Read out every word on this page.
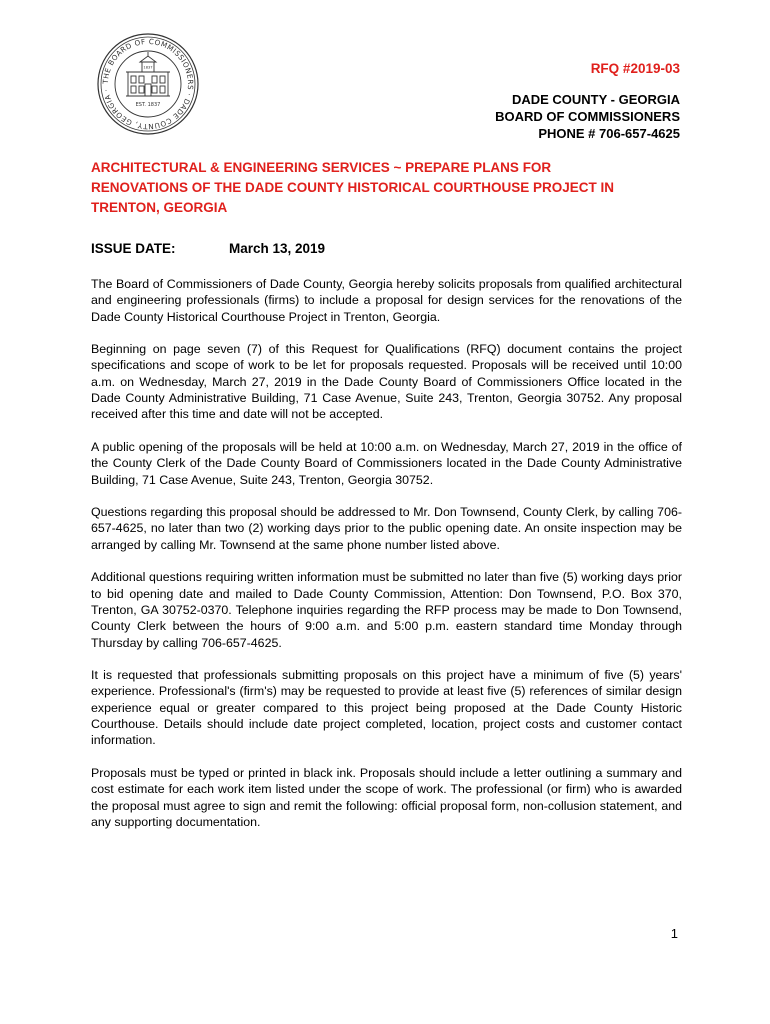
THE BOARD OF COMMISSIONERS · DADE COUNTY, GEORGIA ·
1837
EST. 1837
RFQ #2019-03
DADE COUNTY - GEORGIA
BOARD OF COMMISSIONERS
PHONE # 706-657-4625
ARCHITECTURAL & ENGINEERING SERVICES ~ PREPARE PLANS FOR
RENOVATIONS OF THE DADE COUNTY HISTORICAL COURTHOUSE PROJECT IN
TRENTON, GEORGIA
ISSUE DATE:	March 13, 2019

The Board of Commissioners of Dade County, Georgia hereby solicits proposals from qualified architectural and engineering professionals (firms) to include a proposal for design services for the renovations of the Dade County Historical Courthouse Project in Trenton, Georgia.

Beginning on page seven (7) of this Request for Qualifications (RFQ) document contains the project specifications and scope of work to be let for proposals requested. Proposals will be received until 10:00 a.m. on Wednesday, March 27, 2019 in the Dade County Board of Commissioners Office located in the Dade County Administrative Building, 71 Case Avenue, Suite 243, Trenton, Georgia 30752. Any proposal received after this time and date will not be accepted.

A public opening of the proposals will be held at 10:00 a.m. on Wednesday, March 27, 2019 in the office of the County Clerk of the Dade County Board of Commissioners located in the Dade County Administrative Building, 71 Case Avenue, Suite 243, Trenton, Georgia 30752.

Questions regarding this proposal should be addressed to Mr. Don Townsend, County Clerk, by calling 706-657-4625, no later than two (2) working days prior to the public opening date. An onsite inspection may be arranged by calling Mr. Townsend at the same phone number listed above.

Additional questions requiring written information must be submitted no later than five (5) working days prior to bid opening date and mailed to Dade County Commission, Attention: Don Townsend, P.O. Box 370, Trenton, GA 30752-0370. Telephone inquiries regarding the RFP process may be made to Don Townsend, County Clerk between the hours of 9:00 a.m. and 5:00 p.m. eastern standard time Monday through Thursday by calling 706-657-4625.

It is requested that professionals submitting proposals on this project have a minimum of five (5) years' experience. Professional's (firm's) may be requested to provide at least five (5) references of similar design experience equal or greater compared to this project being proposed at the Dade County Historic Courthouse. Details should include date project completed, location, project costs and customer contact information.

Proposals must be typed or printed in black ink. Proposals should include a letter outlining a summary and cost estimate for each work item listed under the scope of work. The professional (or firm) who is awarded the proposal must agree to sign and remit the following: official proposal form, non-collusion statement, and any supporting documentation.

1
